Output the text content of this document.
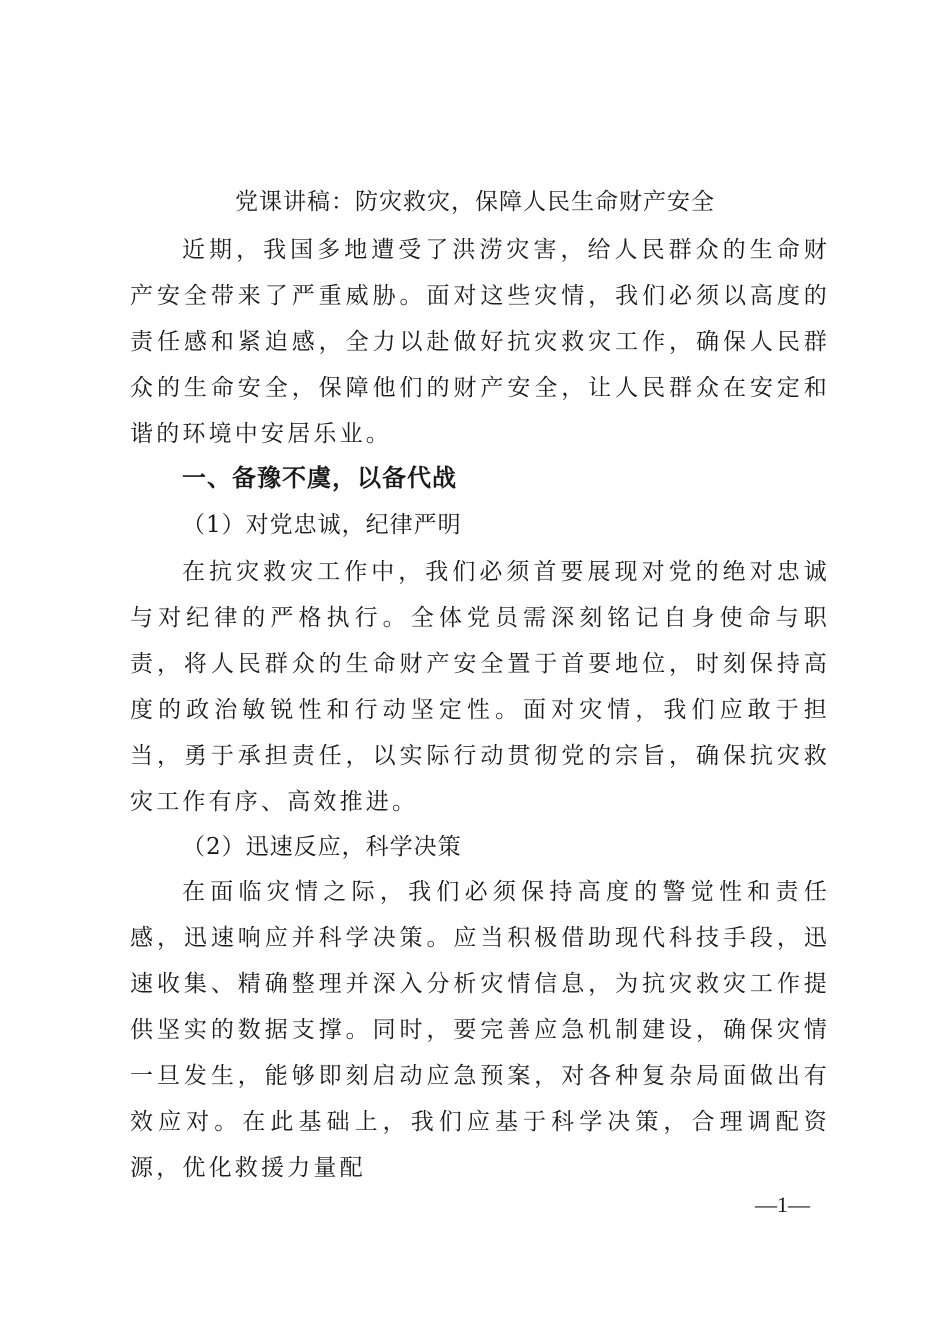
党课讲稿：防灾救灾，保障人民生命财产安全

近期，我国多地遭受了洪涝灾害，给人民群众的生命财产安全带来了严重威胁。面对这些灾情，我们必须以高度的责任感和紧迫感，全力以赴做好抗灾救灾工作，确保人民群众的生命安全，保障他们的财产安全，让人民群众在安定和谐的环境中安居乐业。

一、备豫不虞，以备代战
（1）对党忠诚，纪律严明

在抗灾救灾工作中，我们必须首要展现对党的绝对忠诚与对纪律的严格执行。全体党员需深刻铭记自身使命与职责，将人民群众的生命财产安全置于首要地位，时刻保持高度的政治敏锐性和行动坚定性。面对灾情，我们应敢于担当，勇于承担责任，以实际行动贯彻党的宗旨，确保抗灾救灾工作有序、高效推进。

（2）迅速反应，科学决策

在面临灾情之际，我们必须保持高度的警觉性和责任感，迅速响应并科学决策。应当积极借助现代科技手段，迅速收集、精确整理并深入分析灾情信息，为抗灾救灾工作提供坚实的数据支撑。同时，要完善应急机制建设，确保灾情一旦发生，能够即刻启动应急预案，对各种复杂局面做出有效应对。在此基础上，我们应基于科学决策，合理调配资源，优化救援力量配

—1—
